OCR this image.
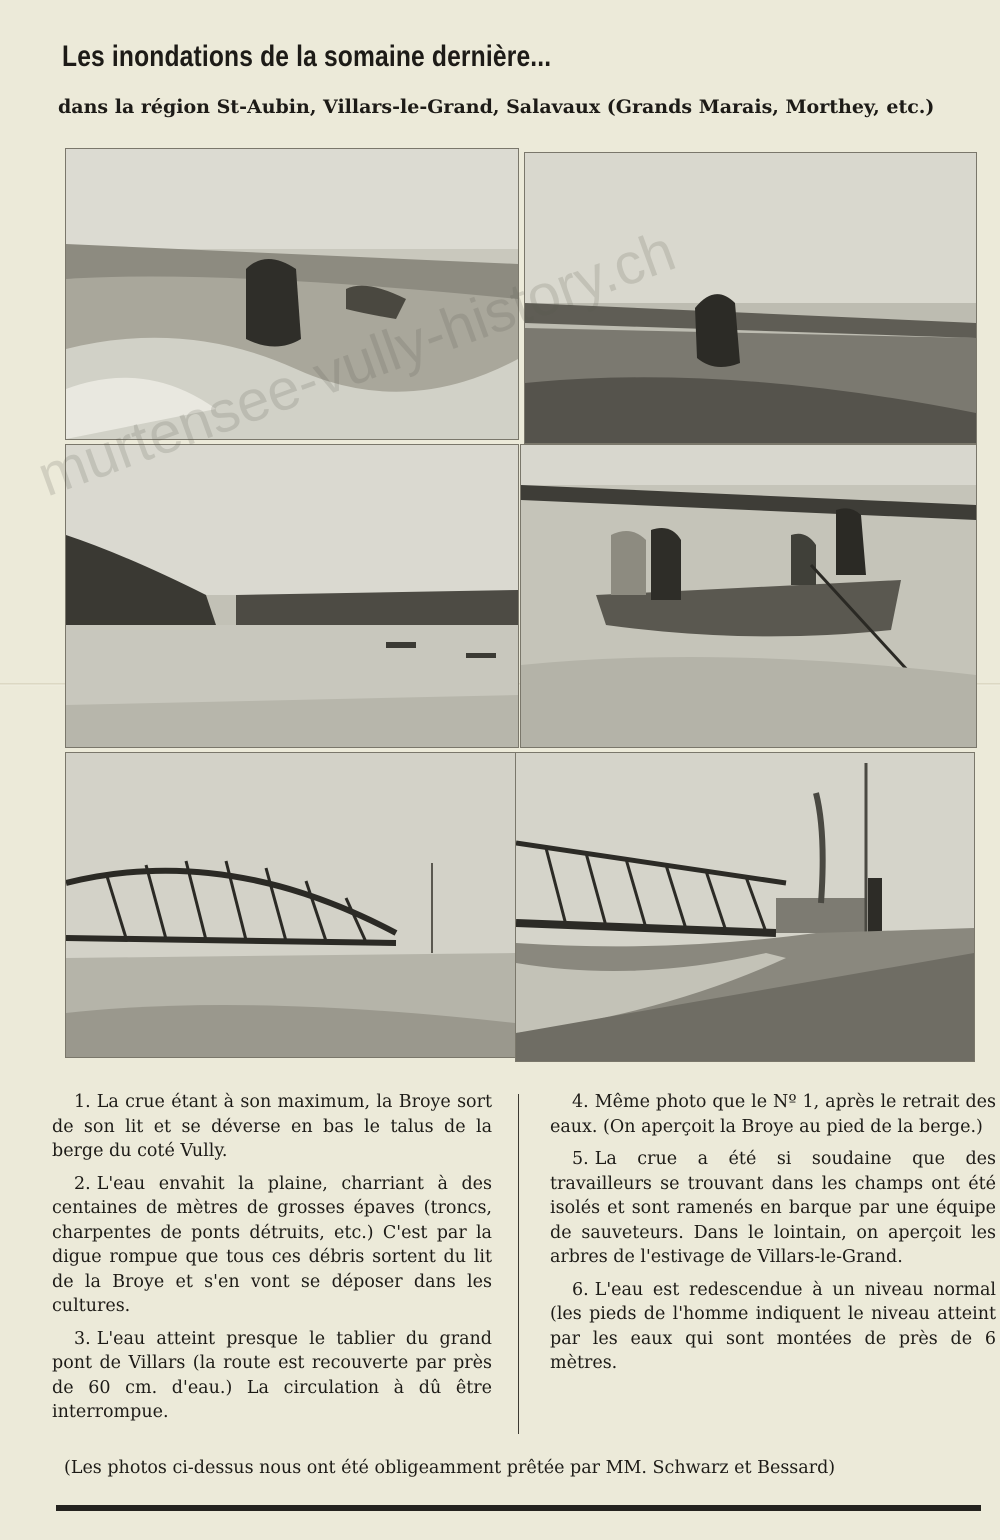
Les inondations de la somaine dernière...
dans la région St-Aubin, Villars-le-Grand, Salavaux (Grands Marais, Morthey, etc.)

1. La crue étant à son maximum, la Broye sort de son lit et se déverse en bas le talus de la berge du coté Vully.

2. L'eau envahit la plaine, charriant à des centaines de mètres de grosses épaves (troncs, charpentes de ponts détruits, etc.) C'est par la digue rompue que tous ces débris sortent du lit de la Broye et s'en vont se déposer dans les cultures.

3. L'eau atteint presque le tablier du grand pont de Villars (la route est recouverte par près de 60 cm. d'eau.) La circulation à dû être interrompue.

4. Même photo que le Nº 1, après le retrait des eaux. (On aperçoit la Broye au pied de la berge.)

5. La crue a été si soudaine que des travailleurs se trouvant dans les champs ont été isolés et sont ramenés en barque par une équipe de sauveteurs. Dans le lointain, on aperçoit les arbres de l'estivage de Villars-le-Grand.

6. L'eau est redescendue à un niveau normal (les pieds de l'homme indiquent le niveau atteint par les eaux qui sont montées de près de 6 mètres.

(Les photos ci-dessus nous ont été obligeamment prêtée par MM. Schwarz et Bessard)
